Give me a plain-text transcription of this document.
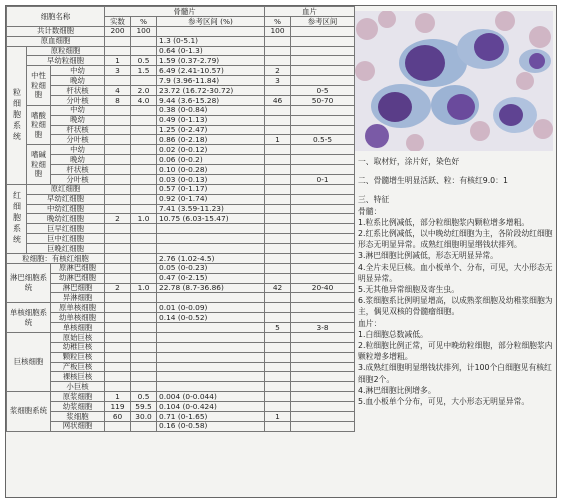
细胞名称			骨髓片			血片	
			实数	%	参考区间 (%)	%	参考区间
共计数细胞			200	100		100	
原血细胞					1.3 (0-5.1)		
粒细胞系统	原粒细胞				0.64 (0-1.3)		
	早幼粒细胞		1	0.5	1.59 (0.37-2.79)		
	中性粒细胞	中幼	3	1.5	6.49 (2.41-10.57)	2	
		晚幼			7.9 (3.96-11.84)	3	
		杆状核	4	2.0	23.72 (16.72-30.72)		0-5
		分叶核	8	4.0	9.44 (3.6-15.28)	46	50-70
	嗜酸粒细胞	中幼			0.38 (0-0.84)		
		晚幼			0.49 (0-1.13)		
		杆状核			1.25 (0-2.47)		
		分叶核			0.86 (0-2.18)	1	0.5-5
	嗜碱粒细胞	中幼			0.02 (0-0.12)		
		晚幼			0.06 (0-0.2)		
		杆状核			0.10 (0-0.28)		
		分叶核			0.03 (0-0.13)		0-1
红细胞系统	原红细胞				0.57 (0-1.17)		
	早幼红细胞				0.92 (0-1.74)		
	中幼红细胞				7.41 (3.59-11.23)		
	晚幼红细胞		2	1.0	10.75 (6.03-15.47)		
	巨早红细胞						
	巨中红细胞						
	巨晚红细胞						
粒细胞：有核红细胞					2.76 (1.02-4.5)		
淋巴细胞系统		原淋巴细胞			0.05 (0-0.23)		
		幼淋巴细胞			0.47 (0-2.15)		
		淋巴细胞	2	1.0	22.78 (8.7-36.86)	42	20-40
		异淋细胞					
单核细胞系统		原单核细胞			0.01 (0-0.09)		
		幼单核细胞			0.14 (0-0.52)		
		单核细胞				5	3-8
巨核细胞		原始巨核					
		幼稚巨核					
		颗粒巨核					
		产板巨核					
		裸核巨核					
		小巨核					
浆细胞系统		原浆细胞	1	0.5	0.004 (0-0.044)		
		幼浆细胞	119	59.5	0.104 (0-0.424)		
		浆细胞	60	30.0	0.71 (0-1.65)	1	
		网状细胞			0.16 (0-0.58)		

一、取材好，涂片好，染色好

二、骨髓增生明显活跃、粒：有核红9.0：1

三、特征

骨髓：

1.粒系比例减低，部分粒细胞浆内颗粒增多增粗。

2.红系比例减低，以中晚幼红细胞为主，各阶段幼红细胞形态无明显异常。成熟红细胞明显缗钱状排列。

3.淋巴细胞比例减低，形态无明显异常。

4.全片未见巨核。血小板单个、分布，可见，大小形态无明显异常。

5.无其他异常细胞及寄生虫。

6.浆细胞系比例明显增高，以成熟浆细胞及幼稚浆细胞为主，偶见双核的骨髓瘤细胞。

血片：

1.白细胞总数减低。

2.粒细胞比例正常，可见中晚幼粒细胞，部分粒细胞浆内颗粒增多增粗。

3.成熟红细胞明显缗钱状排列，计100个白细胞见有核红细胞2个。

4.淋巴细胞比例增多。

5.血小板单个分布，可见，大小形态无明显异常。
